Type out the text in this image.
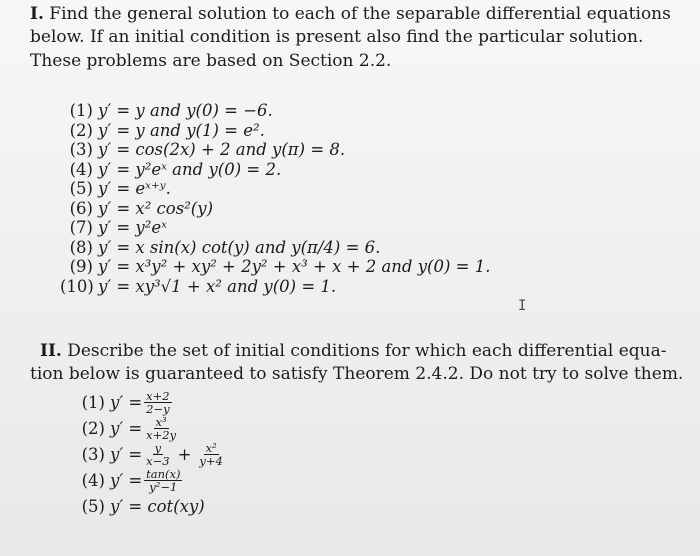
I. Find the general solution to each of the separable differential equations
below. If an initial condition is present also find the particular solution.
These problems are based on Section 2.2.
(1) y′ = y and y(0) = −6.
(2) y′ = y and y(1) = e².
(3) y′ = cos(2x) + 2 and y(π) = 8.
(4) y′ = y²eˣ and y(0) = 2.
(5) y′ = eˣ⁺ʸ.
(6) y′ = x² cos²(y)
(7) y′ = y²eˣ
(8) y′ = x sin(x) cot(y) and y(π/4) = 6.
(9) y′ = x³y² + xy² + 2y² + x³ + x + 2 and y(0) = 1.
(10) y′ = xy³√1 + x² and y(0) = 1.
I
II. Describe the set of initial conditions for which each differential equa-
tion below is guaranteed to satisfy Theorem 2.4.2. Do not try to solve them.
(1) $y' = \frac{x+2}{2-y}$
(2) $y' = \frac{\text{x³}}{x+2y}$
(3) $y' = \frac{y}{x-3} + \frac{\text{x²}}{y+4}$
(4) $y' = \frac{\tan(x)}{\text{y²−1}}$
(5) y′ = cot(xy)
